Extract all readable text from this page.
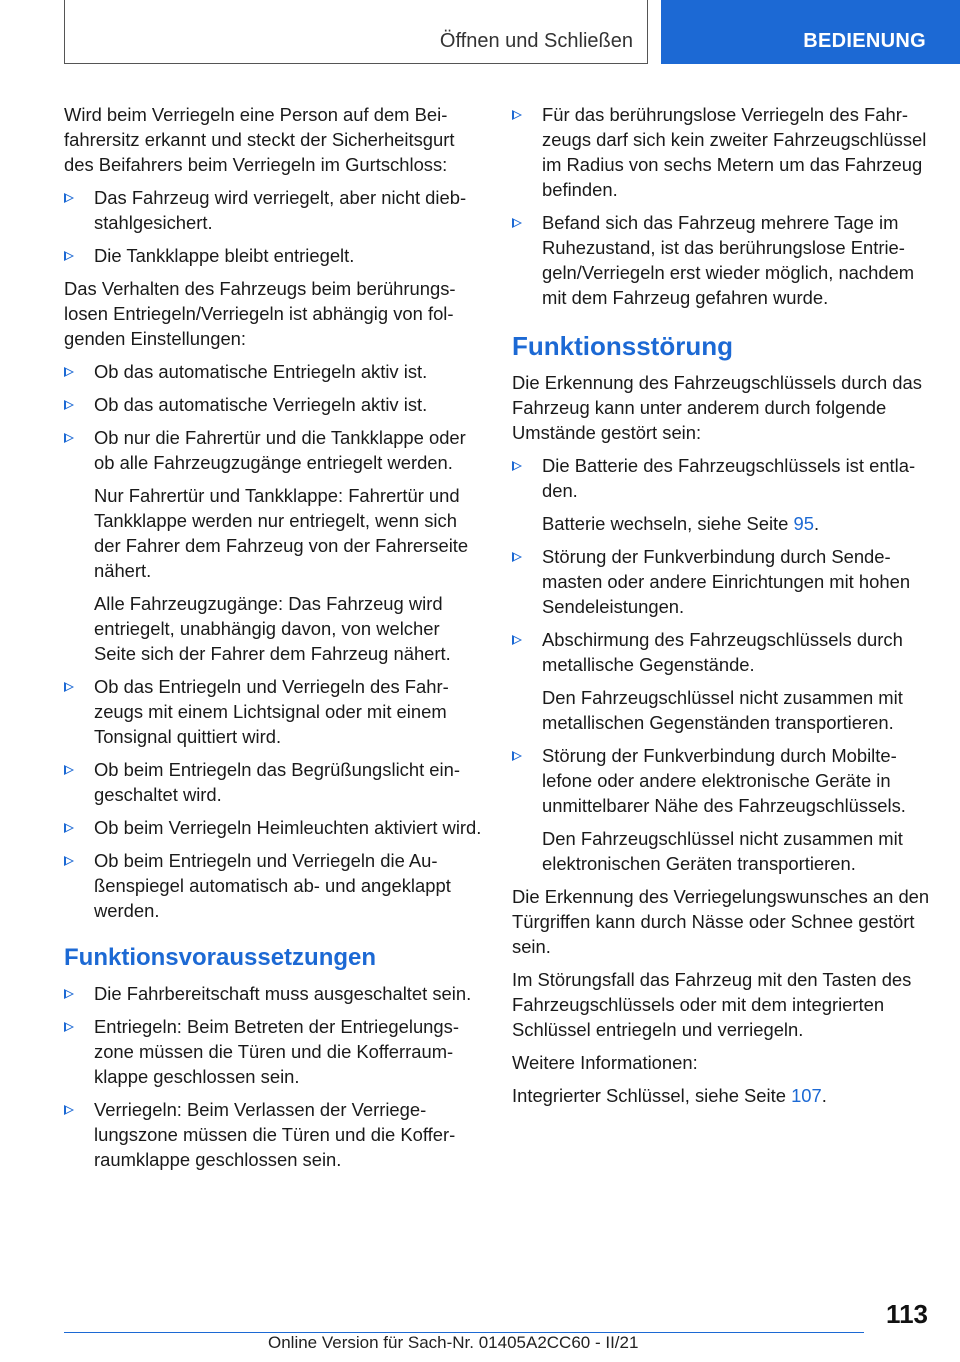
Öffnen und Schließen	BEDIENUNG

Wird beim Verriegeln eine Person auf dem Beifahrersitz erkannt und steckt der Sicherheitsgurt des Beifahrers beim Verriegeln im Gurtschloss:

Das Fahrzeug wird verriegelt, aber nicht diebstahlgesichert.
Die Tankklappe bleibt entriegelt.

Das Verhalten des Fahrzeugs beim berührungslosen Entriegeln/Verriegeln ist abhängig von folgenden Einstellungen:

Ob das automatische Entriegeln aktiv ist.
Ob das automatische Verriegeln aktiv ist.
Ob nur die Fahrertür und die Tankklappe oder ob alle Fahrzeugzugänge entriegelt werden.

Nur Fahrertür und Tankklappe: Fahrertür und Tankklappe werden nur entriegelt, wenn sich der Fahrer dem Fahrzeug von der Fahrerseite nähert.

Alle Fahrzeugzugänge: Das Fahrzeug wird entriegelt, unabhängig davon, von welcher Seite sich der Fahrer dem Fahrzeug nähert.

Ob das Entriegeln und Verriegeln des Fahrzeugs mit einem Lichtsignal oder mit einem Tonsignal quittiert wird.
Ob beim Entriegeln das Begrüßungslicht eingeschaltet wird.
Ob beim Verriegeln Heimleuchten aktiviert wird.
Ob beim Entriegeln und Verriegeln die Außenspiegel automatisch ab- und angeklappt werden.
Funktionsvoraussetzungen
Die Fahrbereitschaft muss ausgeschaltet sein.
Entriegeln: Beim Betreten der Entriegelungszone müssen die Türen und die Kofferraumklappe geschlossen sein.
Verriegeln: Beim Verlassen der Verriegelungszone müssen die Türen und die Kofferraumklappe geschlossen sein.
Für das berührungslose Verriegeln des Fahrzeugs darf sich kein zweiter Fahrzeugschlüssel im Radius von sechs Metern um das Fahrzeug befinden.
Befand sich das Fahrzeug mehrere Tage im Ruhezustand, ist das berührungslose Entriegeln/Verriegeln erst wieder möglich, nachdem mit dem Fahrzeug gefahren wurde.
Funktionsstörung

Die Erkennung des Fahrzeugschlüssels durch das Fahrzeug kann unter anderem durch folgende Umstände gestört sein:

Die Batterie des Fahrzeugschlüssels ist entladen.

Batterie wechseln, siehe Seite 95.

Störung der Funkverbindung durch Sendemasten oder andere Einrichtungen mit hohen Sendeleistungen.
Abschirmung des Fahrzeugschlüssels durch metallische Gegenstände.

Den Fahrzeugschlüssel nicht zusammen mit metallischen Gegenständen transportieren.

Störung der Funkverbindung durch Mobiltelefone oder andere elektronische Geräte in unmittelbarer Nähe des Fahrzeugschlüssels.

Den Fahrzeugschlüssel nicht zusammen mit elektronischen Geräten transportieren.

Die Erkennung des Verriegelungswunsches an den Türgriffen kann durch Nässe oder Schnee gestört sein.

Im Störungsfall das Fahrzeug mit den Tasten des Fahrzeugschlüssels oder mit dem integrierten Schlüssel entriegeln und verriegeln.

Weitere Informationen:

Integrierter Schlüssel, siehe Seite 107.

113
Online Version für Sach-Nr. 01405A2CC60 - II/21
